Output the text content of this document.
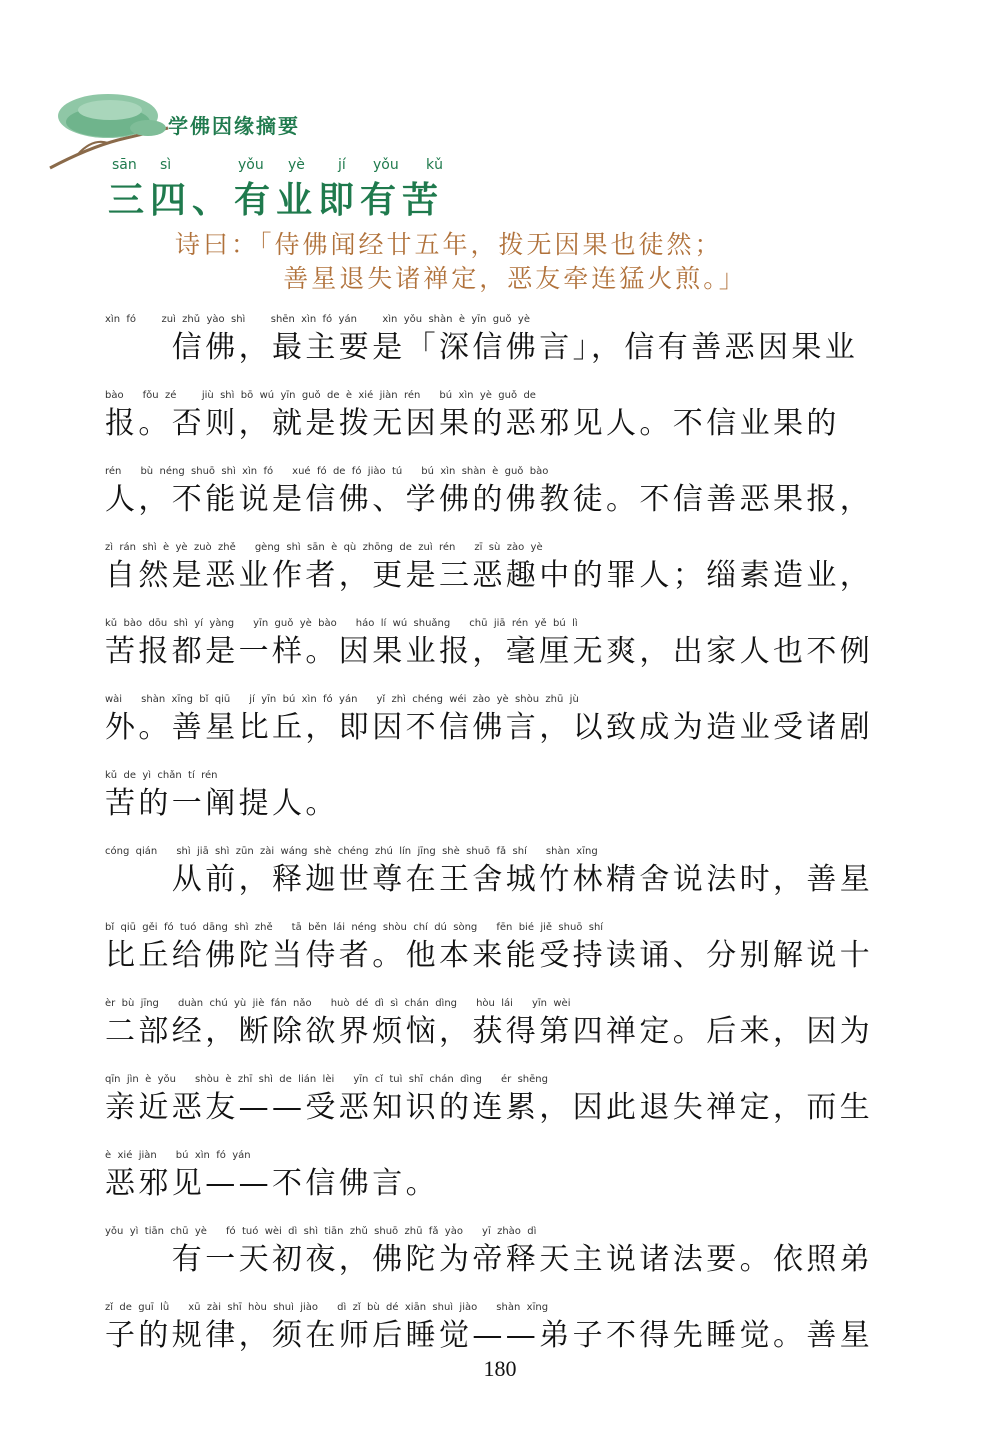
学佛因缘摘要
sān sì	yǒu yè jí yǒu kǔ
三四、有业即有苦
诗曰：「侍佛闻经廿五年，拨无因果也徒然；
善星退失诸禅定，恶友牵连猛火煎。」
xìn  fó        zuì  zhǔ  yào  shì        shēn  xìn  fó  yán        xìn  yǒu  shàn  è  yīn  guǒ  yè
　　信佛，最主要是「深信佛言」，信有善恶因果业
bào      fǒu  zé        jiù  shì  bō  wú  yīn  guǒ  de  è  xié  jiàn  rén      bú  xìn  yè  guǒ  de
报。否则，就是拨无因果的恶邪见人。不信业果的
rén      bù  néng  shuō  shì  xìn  fó      xué  fó  de  fó  jiào  tú      bú  xìn  shàn  è  guǒ  bào
人，不能说是信佛、学佛的佛教徒。不信善恶果报，
zì  rán  shì  è  yè  zuò  zhě      gèng  shì  sān  è  qù  zhōng  de  zuì  rén      zī  sù  zào  yè
自然是恶业作者，更是三恶趣中的罪人；缁素造业，
kǔ  bào  dōu  shì  yí  yàng      yīn  guǒ  yè  bào      háo  lí  wú  shuǎng      chū  jiā  rén  yě  bú  lì
苦报都是一样。因果业报，毫厘无爽，出家人也不例
wài      shàn  xīng  bǐ  qiū      jí  yīn  bú  xìn  fó  yán      yǐ  zhì  chéng  wéi  zào  yè  shòu  zhū  jù
外。善星比丘，即因不信佛言，以致成为造业受诸剧
kǔ  de  yì  chǎn  tí  rén
苦的一阐提人。
cóng  qián      shì  jiā  shì  zūn  zài  wáng  shè  chéng  zhú  lín  jīng  shè  shuō  fǎ  shí      shàn  xīng
　　从前，释迦世尊在王舍城竹林精舍说法时，善星
bǐ  qiū  gěi  fó  tuó  dāng  shì  zhě      tā  běn  lái  néng  shòu  chí  dú  sòng      fēn  bié  jiě  shuō  shí
比丘给佛陀当侍者。他本来能受持读诵、分别解说十
èr  bù  jīng      duàn  chú  yù  jiè  fán  nǎo      huò  dé  dì  sì  chán  dìng      hòu  lái      yīn  wèi
二部经，断除欲界烦恼，获得第四禅定。后来，因为
qīn  jìn  è  yǒu      shòu  è  zhī  shì  de  lián  lèi      yīn  cǐ  tuì  shī  chán  dìng      ér  shēng
亲近恶友——受恶知识的连累，因此退失禅定，而生
è  xié  jiàn      bú  xìn  fó  yán
恶邪见——不信佛言。
yǒu  yì  tiān  chū  yè      fó  tuó  wèi  dì  shì  tiān  zhǔ  shuō  zhū  fǎ  yào      yī  zhào  dì
　　有一天初夜，佛陀为帝释天主说诸法要。依照弟
zǐ  de  guī  lǜ      xū  zài  shī  hòu  shuì  jiào      dì  zǐ  bù  dé  xiān  shuì  jiào      shàn  xīng
子的规律，须在师后睡觉——弟子不得先睡觉。善星
180
